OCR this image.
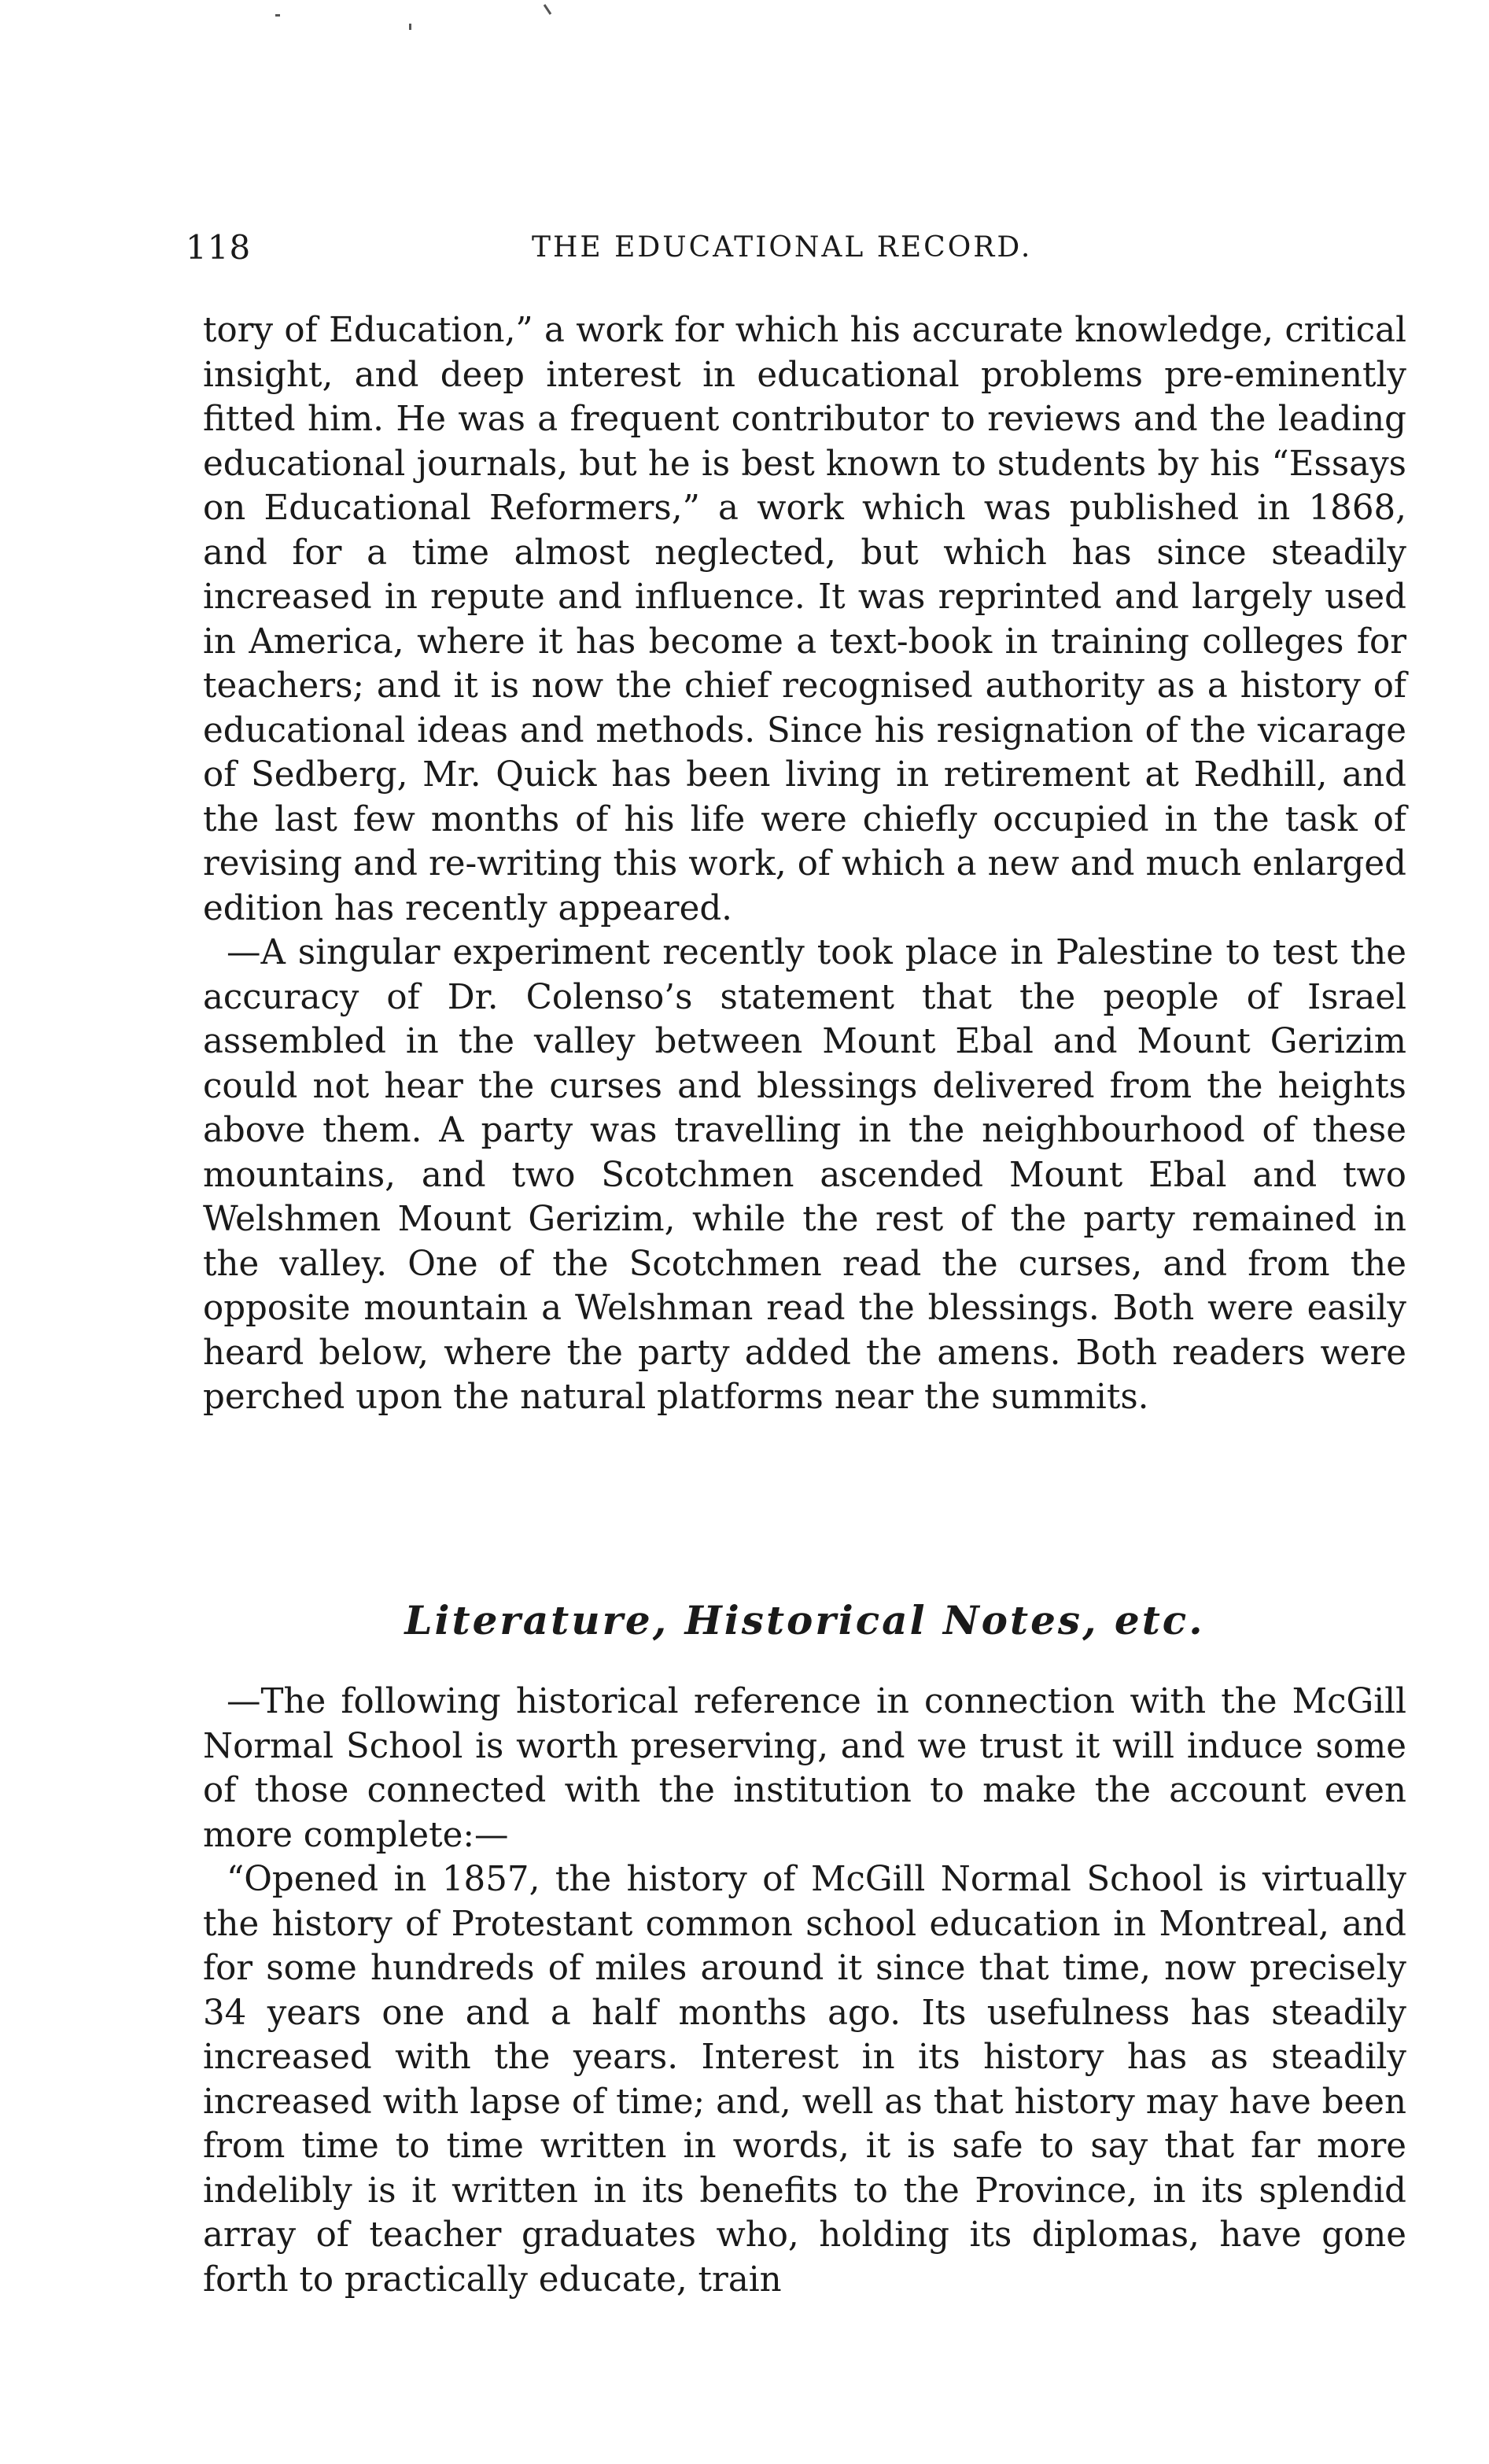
118	THE EDUCATIONAL RECORD.

tory of Education,” a work for which his accurate knowledge, critical insight, and deep interest in educational problems pre-eminently fitted him. He was a frequent contributor to reviews and the leading educational journals, but he is best known to students by his “Essays on Educational Reformers,” a work which was published in 1868, and for a time almost neglected, but which has since steadily increased in repute and influence. It was reprinted and largely used in America, where it has become a text-book in training colleges for teachers; and it is now the chief recognised authority as a history of educational ideas and methods. Since his resignation of the vicarage of Sedberg, Mr. Quick has been living in retirement at Redhill, and the last few months of his life were chiefly occupied in the task of revising and re-writing this work, of which a new and much enlarged edition has recently appeared.

—A singular experiment recently took place in Palestine to test the accuracy of Dr. Colenso’s statement that the people of Israel assembled in the valley between Mount Ebal and Mount Gerizim could not hear the curses and blessings delivered from the heights above them. A party was travelling in the neighbourhood of these mountains, and two Scotchmen ascended Mount Ebal and two Welshmen Mount Gerizim, while the rest of the party remained in the valley. One of the Scotchmen read the curses, and from the opposite mountain a Welshman read the blessings. Both were easily heard below, where the party added the amens. Both readers were perched upon the natural platforms near the summits.

Literature, Historical Notes, etc.

—The following historical reference in connection with the McGill Normal School is worth preserving, and we trust it will induce some of those connected with the institution to make the account even more complete:—

“Opened in 1857, the history of McGill Normal School is virtually the history of Protestant common school education in Montreal, and for some hundreds of miles around it since that time, now precisely 34 years one and a half months ago. Its usefulness has steadily increased with the years. Interest in its history has as steadily increased with lapse of time; and, well as that history may have been from time to time written in words, it is safe to say that far more indelibly is it written in its benefits to the Province, in its splendid array of teacher graduates who, holding its diplomas, have gone forth to practically educate, train
